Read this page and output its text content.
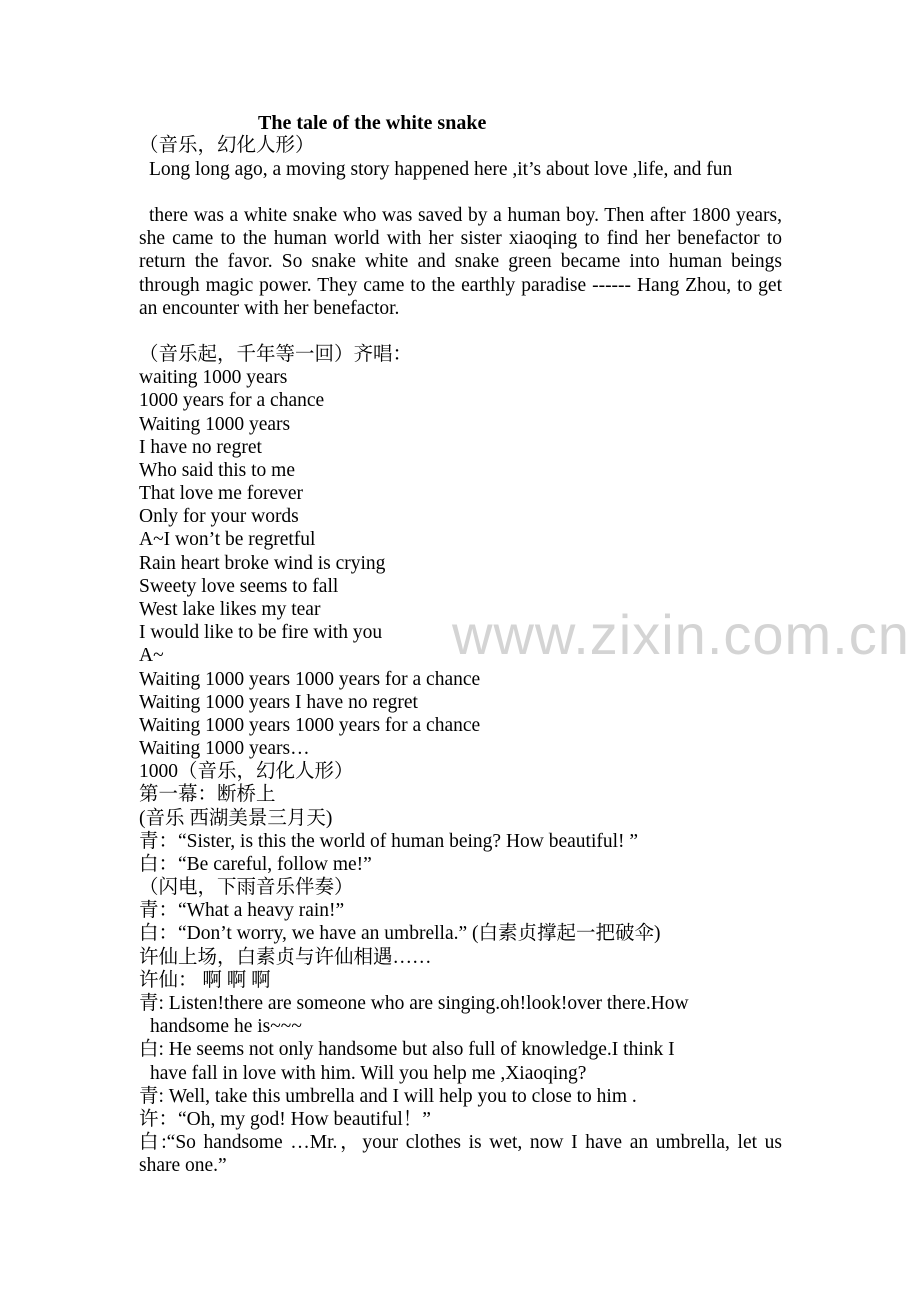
www.zixin.com.cn
The tale of the white snake
（音乐，幻化人形）
Long long ago, a moving story happened here ,it’s about love ,life, and fun
there was a white snake who was saved by a human boy. Then after 1800 years, she came to the human world with her sister xiaoqing to find her benefactor to return the favor. So snake white and snake green became into human beings through magic power. They came to the earthly paradise ------ Hang Zhou, to get an encounter with her benefactor.
（音乐起，千年等一回）齐唱：
waiting 1000 years
1000 years for a chance
Waiting 1000 years
I have no regret
Who said this to me
That love me forever
Only for your words
A~I won’t be regretful
Rain heart broke wind is crying
Sweety love seems to fall
West lake likes my tear
I would like to be fire with you
A~
Waiting 1000 years 1000 years for a chance
Waiting 1000 years I have no regret
Waiting 1000 years 1000 years for a chance
Waiting 1000 years…
1000（音乐，幻化人形）
第一幕：断桥上
(音乐 西湖美景三月天)
青：“Sister, is this the world of human being? How beautiful! ”
白：“Be careful, follow me!”
（闪电，下雨音乐伴奏）
青：“What a heavy rain!”
白：“Don’t worry, we have an umbrella.” (白素贞撑起一把破伞)
许仙上场，白素贞与许仙相遇……
许仙： 啊 啊 啊
青: Listen!there are someone who are singing.oh!look!over there.How
handsome he is~~~
白: He seems not only handsome but also full of knowledge.I think I
have fall in love with him. Will you help me ,Xiaoqing?
青: Well, take this umbrella and I will help you to close to him .
许：“Oh, my god! How beautiful！”
白:“So handsome …Mr.，your clothes is wet, now I have an umbrella, let us share one.”
